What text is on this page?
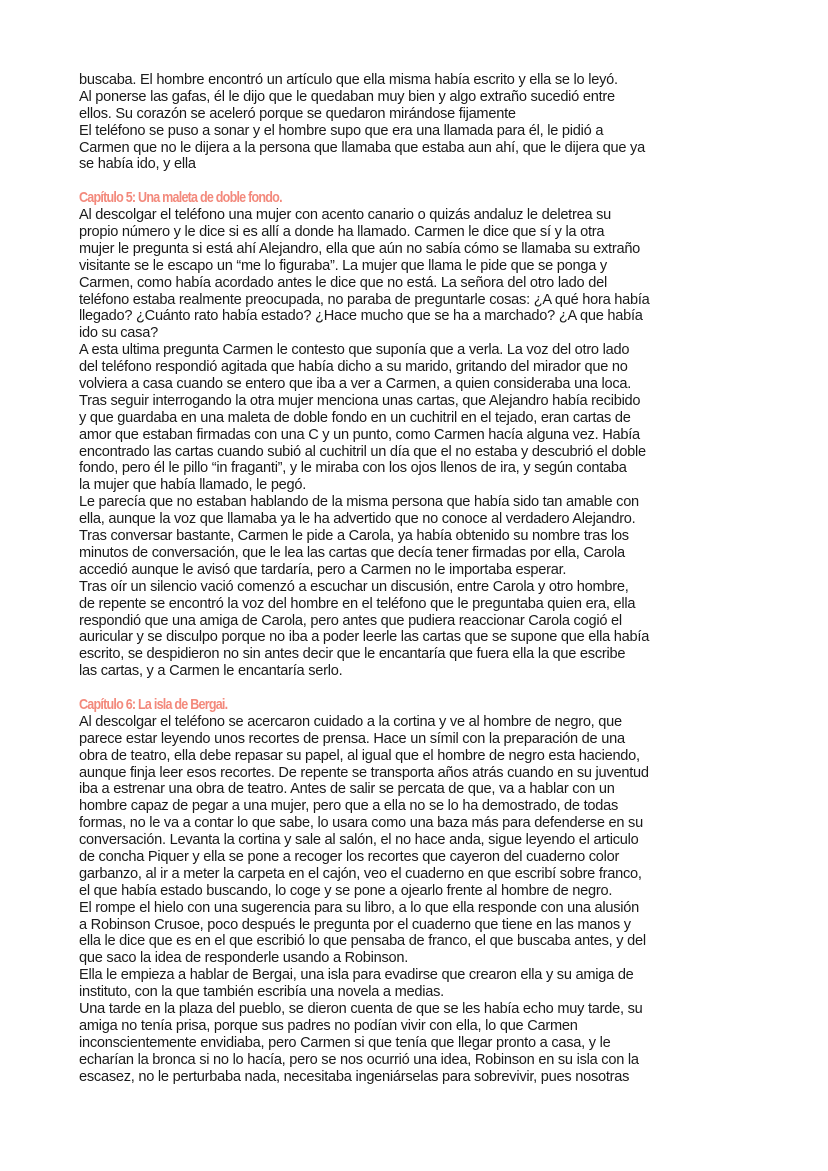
buscaba. El hombre encontró un artículo que ella misma había escrito y ella se lo leyó.
Al ponerse las gafas, él le dijo que le quedaban muy bien y algo extraño sucedió entre
ellos. Su corazón se aceleró porque se quedaron mirándose fijamente
El teléfono se puso a sonar y el hombre supo que era una llamada para él, le pidió a
Carmen que no le dijera a la persona que llamaba que estaba aun ahí, que le dijera que ya
se había ido, y ella
Capítulo 5: Una maleta de doble fondo.
Al descolgar el teléfono una mujer con acento canario o quizás andaluz le deletrea su
propio número y le dice si es allí a donde ha llamado. Carmen le dice que sí y la otra
mujer le pregunta si está ahí Alejandro, ella que aún no sabía cómo se llamaba su extraño
visitante se le escapo un “me lo figuraba”. La mujer que llama le pide que se ponga y
Carmen, como había acordado antes le dice que no está. La señora del otro lado del
teléfono estaba realmente preocupada, no paraba de preguntarle cosas: ¿A qué hora había
llegado? ¿Cuánto rato había estado? ¿Hace mucho que se ha a marchado? ¿A que había
ido su casa?
A esta ultima pregunta Carmen le contesto que suponía que a verla. La voz del otro lado
del teléfono respondió agitada que había dicho a su marido, gritando del mirador que no
volviera a casa cuando se entero que iba a ver a Carmen, a quien consideraba una loca.
Tras seguir interrogando la otra mujer menciona unas cartas, que Alejandro había recibido
y que guardaba en una maleta de doble fondo en un cuchitril en el tejado, eran cartas de
amor que estaban firmadas con una C y un punto, como Carmen hacía alguna vez. Había
encontrado las cartas cuando subió al cuchitril un día que el no estaba y descubrió el doble
fondo, pero él le pillo “in fraganti”, y le miraba con los ojos llenos de ira, y según contaba
la mujer que había llamado, le pegó.
Le parecía que no estaban hablando de la misma persona que había sido tan amable con
ella, aunque la voz que llamaba ya le ha advertido que no conoce al verdadero Alejandro.
Tras conversar bastante, Carmen le pide a Carola, ya había obtenido su nombre tras los
minutos de conversación, que le lea las cartas que decía tener firmadas por ella, Carola
accedió aunque le avisó que tardaría, pero a Carmen no le importaba esperar.
Tras oír un silencio vació comenzó a escuchar un discusión, entre Carola y otro hombre,
de repente se encontró la voz del hombre en el teléfono que le preguntaba quien era, ella
respondió que una amiga de Carola, pero antes que pudiera reaccionar Carola cogió el
auricular y se disculpo porque no iba a poder leerle las cartas que se supone que ella había
escrito, se despidieron no sin antes decir que le encantaría que fuera ella la que escribe
las cartas, y a Carmen le encantaría serlo.
Capítulo 6: La isla de Bergai.
Al descolgar el teléfono se acercaron cuidado a la cortina y ve al hombre de negro, que
parece estar leyendo unos recortes de prensa. Hace un símil con la preparación de una
obra de teatro, ella debe repasar su papel, al igual que el hombre de negro esta haciendo,
aunque finja leer esos recortes. De repente se transporta años atrás cuando en su juventud
iba a estrenar una obra de teatro. Antes de salir se percata de que, va a hablar con un
hombre capaz de pegar a una mujer, pero que a ella no se lo ha demostrado, de todas
formas, no le va a contar lo que sabe, lo usara como una baza más para defenderse en su
conversación. Levanta la cortina y sale al salón, el no hace anda, sigue leyendo el articulo
de concha Piquer y ella se pone a recoger los recortes que cayeron del cuaderno color
garbanzo, al ir a meter la carpeta en el cajón, veo el cuaderno en que escribí sobre franco,
el que había estado buscando, lo coge y se pone a ojearlo frente al hombre de negro.
El rompe el hielo con una sugerencia para su libro, a lo que ella responde con una alusión
a Robinson Crusoe, poco después le pregunta por el cuaderno que tiene en las manos y
ella le dice que es en el que escribió lo que pensaba de franco, el que buscaba antes, y del
que saco la idea de responderle usando a Robinson.
Ella le empieza a hablar de Bergai, una isla para evadirse que crearon ella y su amiga de
instituto, con la que también escribía una novela a medias.
Una tarde en la plaza del pueblo, se dieron cuenta de que se les había echo muy tarde, su
amiga no tenía prisa, porque sus padres no podían vivir con ella, lo que Carmen
inconscientemente envidiaba, pero Carmen si que tenía que llegar pronto a casa, y le
echarían la bronca si no lo hacía, pero se nos ocurrió una idea, Robinson en su isla con la
escasez, no le perturbaba nada, necesitaba ingeniárselas para sobrevivir, pues nosotras
